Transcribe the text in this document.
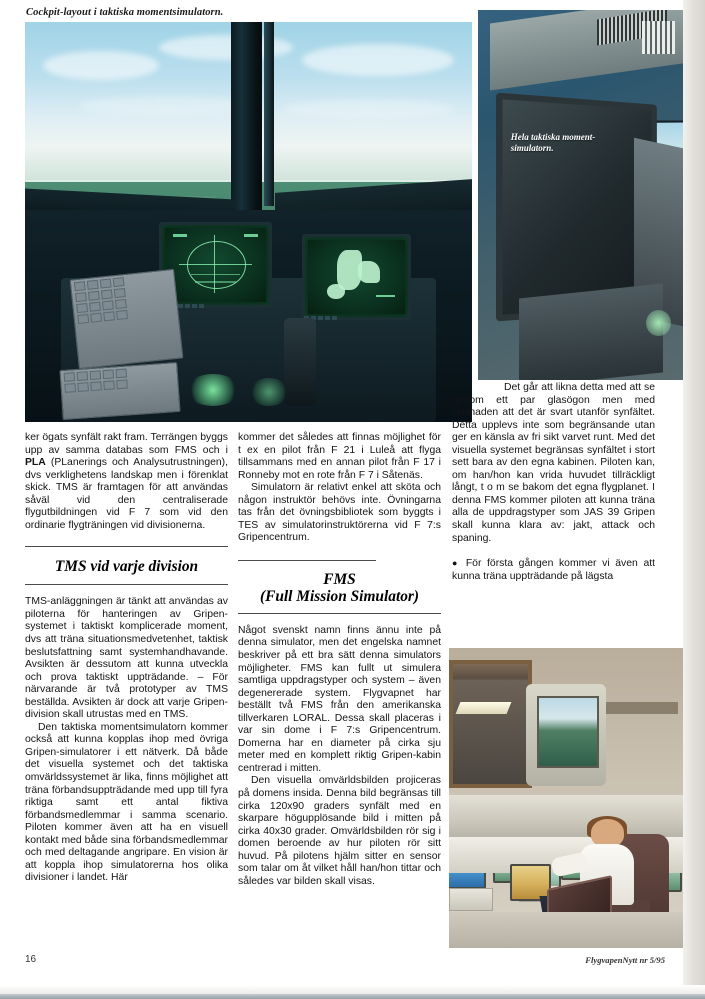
Cockpit-layout i taktiska momentsimulatorn.
Hela taktiska moment-simulatorn.

ker ögats synfält rakt fram. Terrängen byggs upp av samma databas som FMS och i PLA (PLanerings och Analysutrustningen), dvs verklighetens landskap men i förenklat skick. TMS är framtagen för att användas såväl vid den centraliserade flygutbildningen vid F 7 som vid den ordinarie flygträningen vid divisionerna.

TMS vid varje division

TMS-anläggningen är tänkt att användas av piloterna för hanteringen av Gripen-systemet i taktiskt komplicerade moment, dvs att träna situationsmedvetenhet, taktisk beslutsfattning samt systemhandhavande. Avsikten är dessutom att kunna utveckla och prova taktiskt uppträdande. – För närvarande är två prototyper av TMS beställda. Avsikten är dock att varje Gripen-division skall utrustas med en TMS.

Den taktiska momentsimulatorn kommer också att kunna kopplas ihop med övriga Gripen-simulatorer i ett nätverk. Då både det visuella systemet och det taktiska omvärldssystemet är lika, finns möjlighet att träna förbandsuppträdande med upp till fyra riktiga samt ett antal fiktiva förbandsmedlemmar i samma scenario. Piloten kommer även att ha en visuell kontakt med både sina förbandsmedlemmar och med deltagande angripare. En vision är att koppla ihop simulatorerna hos olika divisioner i landet. Här

kommer det således att finnas möjlighet för t ex en pilot från F 21 i Luleå att flyga tillsammans med en annan pilot från F 17 i Ronneby mot en rote från F 7 i Såtenäs.

Simulatorn är relativt enkel att sköta och någon instruktör behövs inte. Övningarna tas från det övningsbibliotek som byggts i TES av simulatorinstruktörerna vid F 7:s Gripencentrum.

FMS
(Full Mission Simulator)

Något svenskt namn finns ännu inte på denna simulator, men det engelska namnet beskriver på ett bra sätt denna simulators möjligheter. FMS kan fullt ut simulera samtliga uppdragstyper och system – även degenererade system. Flygvapnet har beställt två FMS från den amerikanska tillverkaren LORAL. Dessa skall placeras i var sin dome i F 7:s Gripencentrum. Domerna har en diameter på cirka sju meter med en komplett riktig Gripen-kabin centrerad i mitten.

Den visuella omvärldsbilden projiceras på domens insida. Denna bild begränsas till cirka 120x90 graders synfält med en skarpare högupplösande bild i mitten på cirka 40x30 grader. Omvärldsbilden rör sig i domen beroende av hur piloten rör sitt huvud. På pilotens hjälm sitter en sensor som talar om åt vilket håll han/hon tittar och således var bilden skall visas.

Det går att likna detta med att se genom ett par glasögon men med skillnaden att det är svart utanför synfältet. Detta upplevs inte som begränsande utan ger en känsla av fri sikt varvet runt. Med det visuella systemet begränsas synfältet i stort sett bara av den egna kabinen. Piloten kan, om han/hon kan vrida huvudet tillräckligt långt, t o m se bakom det egna flygplanet. I denna FMS kommer piloten att kunna träna alla de uppdragstyper som JAS 39 Gripen skall kunna klara av: jakt, attack och spaning.

● För första gången kommer vi även att kunna träna uppträdande på lägsta

16	FlygvapenNytt nr 5/95
